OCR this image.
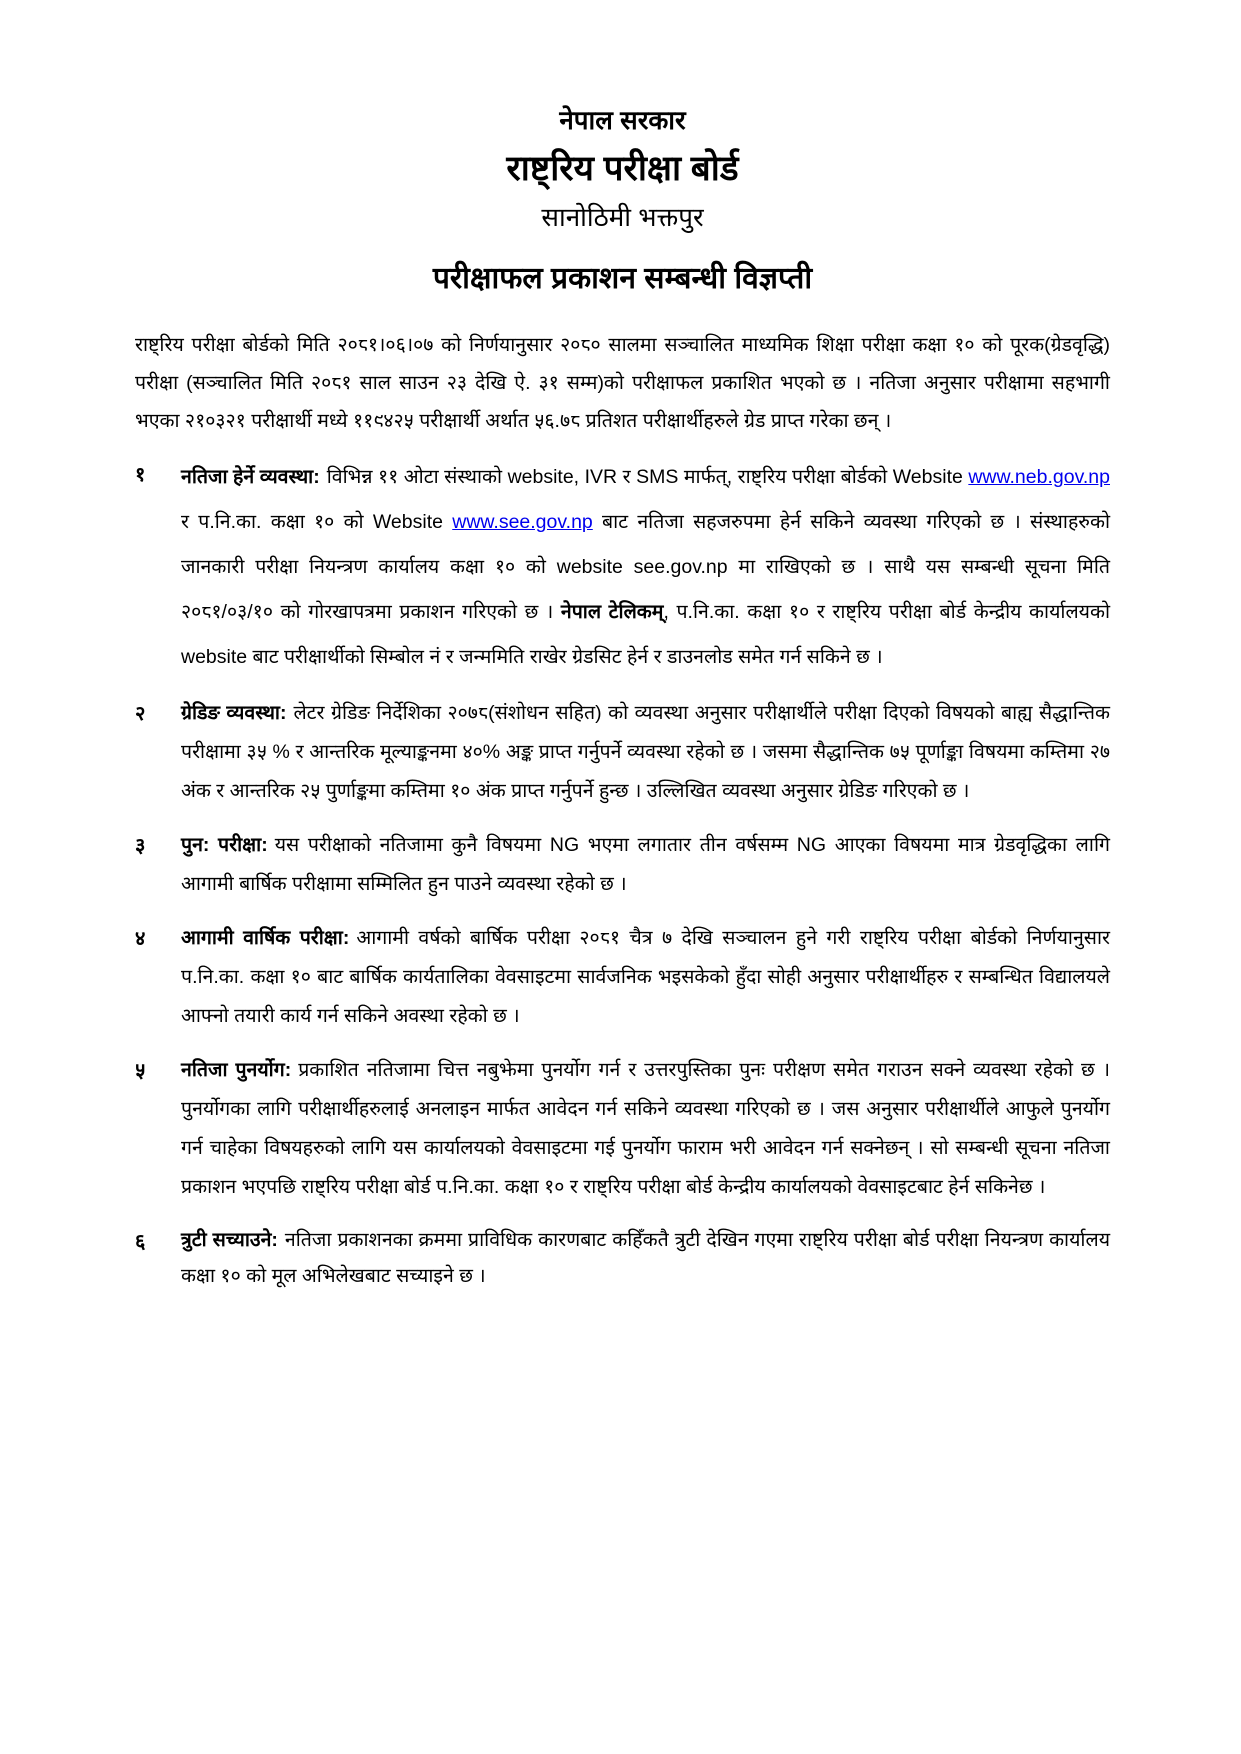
नेपाल सरकार
राष्ट्रिय परीक्षा बोर्ड
सानोठिमी भक्तपुर
परीक्षाफल प्रकाशन सम्बन्धी विज्ञप्ती
राष्ट्रिय परीक्षा बोर्डको मिति २०८१।०६।०७ को निर्णयानुसार २०८० सालमा सञ्चालित माध्यमिक शिक्षा परीक्षा कक्षा १० को पूरक(ग्रेडवृद्धि) परीक्षा (सञ्चालित मिति २०८१ साल साउन २३ देखि ऐ. ३१ सम्म)को परीक्षाफल प्रकाशित भएको छ । नतिजा अनुसार परीक्षामा सहभागी भएका २१०३२१ परीक्षार्थी मध्ये ११९४२५ परीक्षार्थी अर्थात ५६.७८ प्रतिशत परीक्षार्थीहरुले ग्रेड प्राप्त गरेका छन् ।
१	नतिजा हेर्ने व्यवस्था: विभिन्न ११ ओटा संस्थाको website, IVR र SMS मार्फत्, राष्ट्रिय परीक्षा बोर्डको Website www.neb.gov.np र प.नि.का. कक्षा १० को Website www.see.gov.np बाट नतिजा सहजरुपमा हेर्न सकिने व्यवस्था गरिएको छ । संस्थाहरुको जानकारी परीक्षा नियन्त्रण कार्यालय कक्षा १० को website see.gov.np मा राखिएको छ । साथै यस सम्बन्धी सूचना मिति २०८१/०३/१० को गोरखापत्रमा प्रकाशन गरिएको छ । नेपाल टेलिकम्, प.नि.का. कक्षा १० र राष्ट्रिय परीक्षा बोर्ड केन्द्रीय कार्यालयको website बाट परीक्षार्थीको सिम्बोल नं र जन्ममिति राखेर ग्रेडसिट हेर्न र डाउनलोड समेत गर्न सकिने छ ।
२	ग्रेडिङ व्यवस्था: लेटर ग्रेडिङ निर्देशिका २०७८(संशोधन सहित) को व्यवस्था अनुसार परीक्षार्थीले परीक्षा दिएको विषयको बाह्य सैद्धान्तिक परीक्षामा ३५ % र आन्तरिक मूल्याङ्कनमा ४०% अङ्क प्राप्त गर्नुपर्ने व्यवस्था रहेको छ । जसमा सैद्धान्तिक ७५ पूर्णाङ्का विषयमा कम्तिमा २७ अंक र आन्तरिक २५ पुर्णाङ्कमा कम्तिमा १० अंक प्राप्त गर्नुपर्ने हुन्छ । उल्लिखित व्यवस्था अनुसार ग्रेडिङ गरिएको छ ।
३	पुन: परीक्षा: यस परीक्षाको नतिजामा कुनै विषयमा NG भएमा लगातार तीन वर्षसम्म NG आएका विषयमा मात्र ग्रेडवृद्धिका लागि आगामी बार्षिक परीक्षामा सम्मिलित हुन पाउने व्यवस्था रहेको छ ।
४	आगामी वार्षिक परीक्षा: आगामी वर्षको बार्षिक परीक्षा २०८१ चैत्र ७ देखि सञ्चालन हुने गरी राष्ट्रिय परीक्षा बोर्डको निर्णयानुसार प.नि.का. कक्षा १० बाट बार्षिक कार्यतालिका वेवसाइटमा सार्वजनिक भइसकेको हुँदा सोही अनुसार परीक्षार्थीहरु र सम्बन्धित विद्यालयले आफ्नो तयारी कार्य गर्न सकिने अवस्था रहेको छ ।
५	नतिजा पुनर्योग: प्रकाशित नतिजामा चित्त नबुझेमा पुनर्योग गर्न र उत्तरपुस्तिका पुनः परीक्षण समेत गराउन सक्ने व्यवस्था रहेको छ । पुनर्योगका लागि परीक्षार्थीहरुलाई अनलाइन मार्फत आवेदन गर्न सकिने व्यवस्था गरिएको छ । जस अनुसार परीक्षार्थीले आफुले पुनर्योग गर्न चाहेका विषयहरुको लागि यस कार्यालयको वेवसाइटमा गई पुनर्योग फाराम भरी आवेदन गर्न सक्नेछन् । सो सम्बन्धी सूचना नतिजा प्रकाशन भएपछि राष्ट्रिय परीक्षा बोर्ड प.नि.का. कक्षा १० र राष्ट्रिय परीक्षा बोर्ड केन्द्रीय कार्यालयको वेवसाइटबाट हेर्न सकिनेछ ।
६	त्रुटी सच्याउने: नतिजा प्रकाशनका क्रममा प्राविधिक कारणबाट कहिँकतै त्रुटी देखिन गएमा राष्ट्रिय परीक्षा बोर्ड परीक्षा नियन्त्रण कार्यालय कक्षा १० को मूल अभिलेखबाट सच्याइने छ ।
